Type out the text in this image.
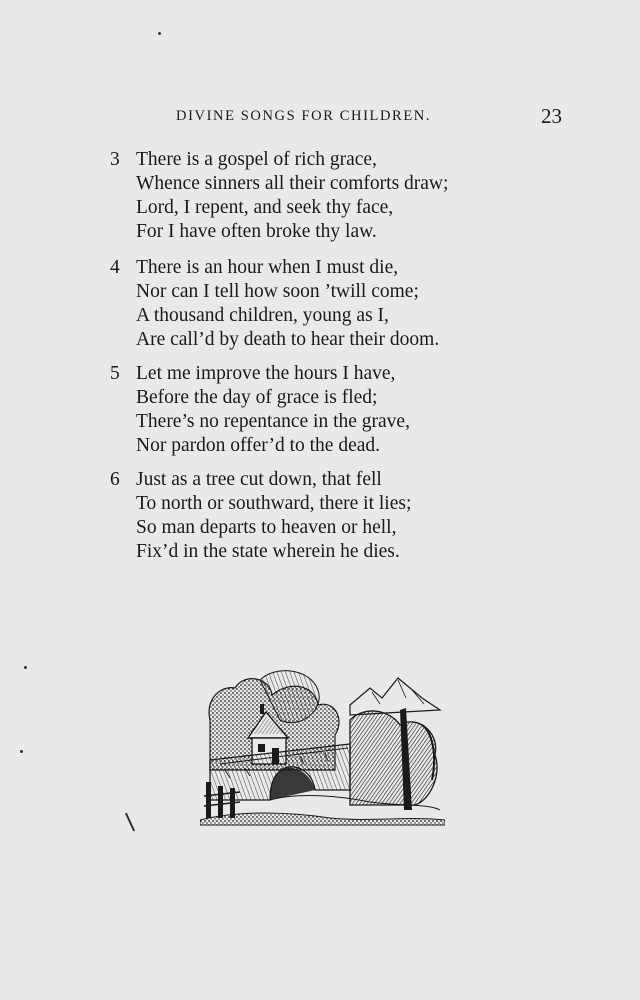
DIVINE SONGS FOR CHILDREN.	23
3 There is a gospel of rich grace,
Whence sinners all their comforts draw;
Lord, I repent, and seek thy face,
For I have often broke thy law.
4 There is an hour when I must die,
Nor can I tell how soon ’twill come;
A thousand children, young as I,
Are call’d by death to hear their doom.
5 Let me improve the hours I have,
Before the day of grace is fled;
There’s no repentance in the grave,
Nor pardon offer’d to the dead.
6 Just as a tree cut down, that fell
To north or southward, there it lies;
So man departs to heaven or hell,
Fix’d in the state wherein he dies.
